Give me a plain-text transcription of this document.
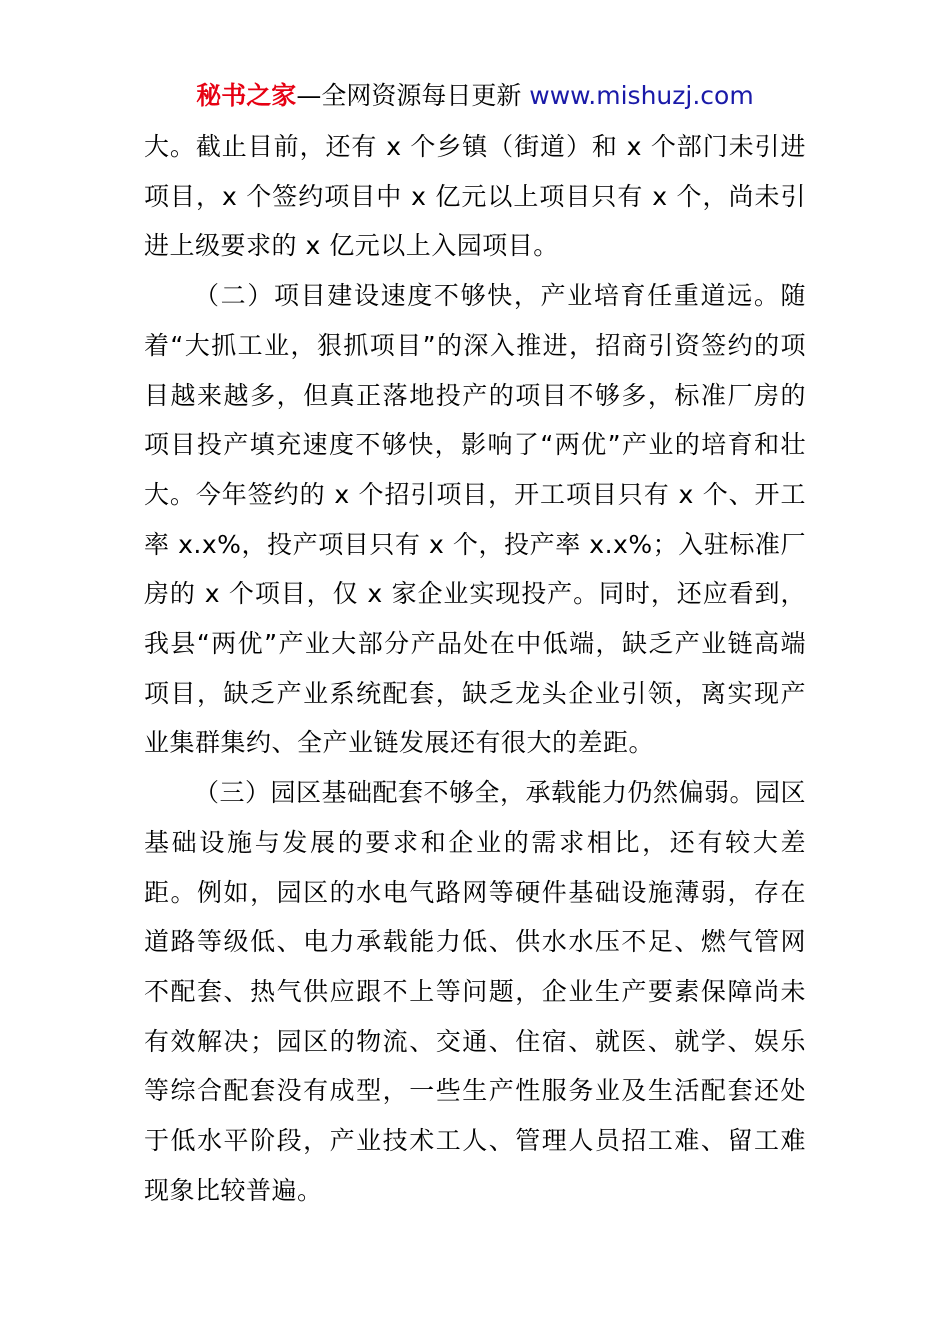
秘书之家—全网资源每日更新 www.mishuzj.com

大。截止目前，还有 x 个乡镇（街道）和 x 个部门未引进项目，x 个签约项目中 x 亿元以上项目只有 x 个，尚未引进上级要求的 x 亿元以上入园项目。

（二）项目建设速度不够快，产业培育任重道远。随着“大抓工业，狠抓项目”的深入推进，招商引资签约的项目越来越多，但真正落地投产的项目不够多，标准厂房的项目投产填充速度不够快，影响了“两优”产业的培育和壮大。今年签约的 x 个招引项目，开工项目只有 x 个、开工率 x.x%，投产项目只有 x 个，投产率 x.x%；入驻标准厂房的 x 个项目，仅 x 家企业实现投产。同时，还应看到，我县“两优”产业大部分产品处在中低端，缺乏产业链高端项目，缺乏产业系统配套，缺乏龙头企业引领，离实现产业集群集约、全产业链发展还有很大的差距。

（三）园区基础配套不够全，承载能力仍然偏弱。园区基础设施与发展的要求和企业的需求相比，还有较大差距。例如，园区的水电气路网等硬件基础设施薄弱，存在道路等级低、电力承载能力低、供水水压不足、燃气管网不配套、热气供应跟不上等问题，企业生产要素保障尚未有效解决；园区的物流、交通、住宿、就医、就学、娱乐等综合配套没有成型，一些生产性服务业及生活配套还处于低水平阶段，产业技术工人、管理人员招工难、留工难现象比较普遍。
